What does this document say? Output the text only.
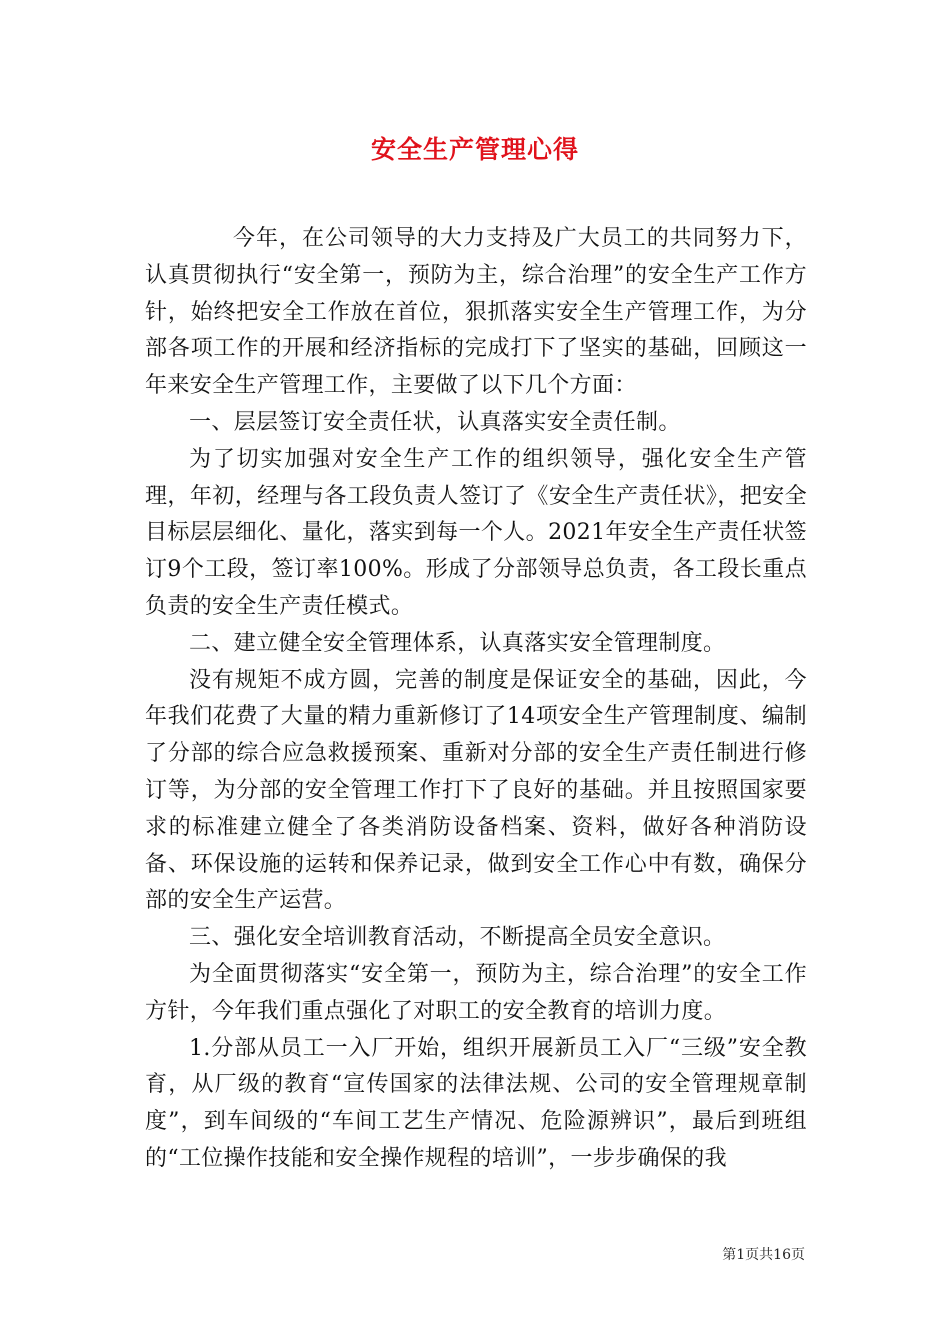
安全生产管理心得

今年，在公司领导的大力支持及广大员工的共同努力下，认真贯彻执行“安全第一，预防为主，综合治理”的安全生产工作方针，始终把安全工作放在首位，狠抓落实安全生产管理工作，为分部各项工作的开展和经济指标的完成打下了坚实的基础，回顾这一年来安全生产管理工作，主要做了以下几个方面：

一、层层签订安全责任状，认真落实安全责任制。

为了切实加强对安全生产工作的组织领导，强化安全生产管理，年初，经理与各工段负责人签订了《安全生产责任状》，把安全目标层层细化、量化，落实到每一个人。2021年安全生产责任状签订9个工段，签订率100%。形成了分部领导总负责，各工段长重点负责的安全生产责任模式。

二、建立健全安全管理体系，认真落实安全管理制度。

没有规矩不成方圆，完善的制度是保证安全的基础，因此，今年我们花费了大量的精力重新修订了14项安全生产管理制度、编制了分部的综合应急救援预案、重新对分部的安全生产责任制进行修订等，为分部的安全管理工作打下了良好的基础。并且按照国家要求的标准建立健全了各类消防设备档案、资料，做好各种消防设备、环保设施的运转和保养记录，做到安全工作心中有数，确保分部的安全生产运营。

三、强化安全培训教育活动，不断提高全员安全意识。

为全面贯彻落实“安全第一，预防为主，综合治理”的安全工作方针，今年我们重点强化了对职工的安全教育的培训力度。

1.分部从员工一入厂开始，组织开展新员工入厂“三级”安全教育，从厂级的教育“宣传国家的法律法规、公司的安全管理规章制度”，到车间级的“车间工艺生产情况、危险源辨识”，最后到班组的“工位操作技能和安全操作规程的培训”，一步步确保的我

第1页共16页
